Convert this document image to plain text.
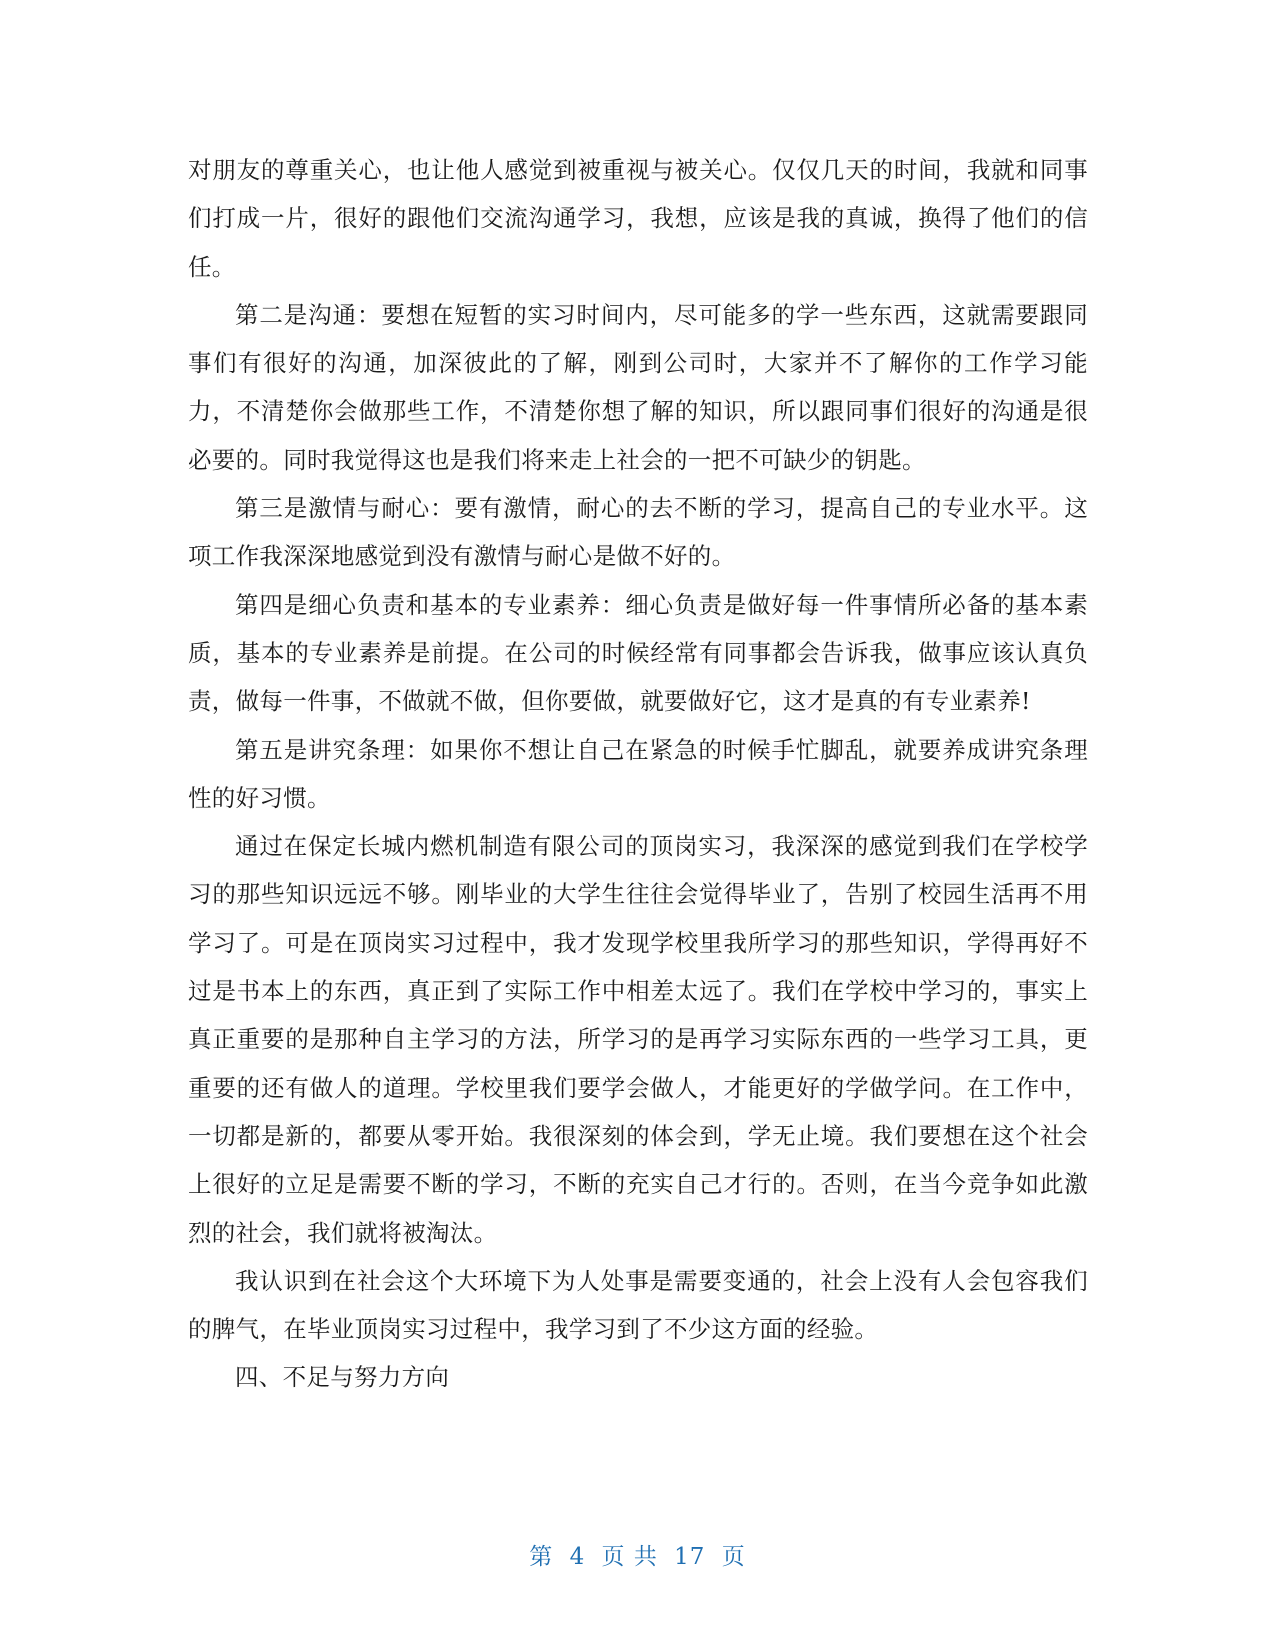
对朋友的尊重关心，也让他人感觉到被重视与被关心。仅仅几天的时间，我就和同事们打成一片，很好的跟他们交流沟通学习，我想，应该是我的真诚，换得了他们的信任。

第二是沟通：要想在短暂的实习时间内，尽可能多的学一些东西，这就需要跟同事们有很好的沟通，加深彼此的了解，刚到公司时，大家并不了解你的工作学习能力，不清楚你会做那些工作，不清楚你想了解的知识，所以跟同事们很好的沟通是很必要的。同时我觉得这也是我们将来走上社会的一把不可缺少的钥匙。

第三是激情与耐心：要有激情，耐心的去不断的学习，提高自己的专业水平。这项工作我深深地感觉到没有激情与耐心是做不好的。

第四是细心负责和基本的专业素养：细心负责是做好每一件事情所必备的基本素质，基本的专业素养是前提。在公司的时候经常有同事都会告诉我，做事应该认真负责，做每一件事，不做就不做，但你要做，就要做好它，这才是真的有专业素养!

第五是讲究条理：如果你不想让自己在紧急的时候手忙脚乱，就要养成讲究条理性的好习惯。

通过在保定长城内燃机制造有限公司的顶岗实习，我深深的感觉到我们在学校学习的那些知识远远不够。刚毕业的大学生往往会觉得毕业了，告别了校园生活再不用学习了。可是在顶岗实习过程中，我才发现学校里我所学习的那些知识，学得再好不过是书本上的东西，真正到了实际工作中相差太远了。我们在学校中学习的，事实上真正重要的是那种自主学习的方法，所学习的是再学习实际东西的一些学习工具，更重要的还有做人的道理。学校里我们要学会做人，才能更好的学做学问。在工作中，一切都是新的，都要从零开始。我很深刻的体会到，学无止境。我们要想在这个社会上很好的立足是需要不断的学习，不断的充实自己才行的。否则，在当今竞争如此激烈的社会，我们就将被淘汰。

我认识到在社会这个大环境下为人处事是需要变通的，社会上没有人会包容我们的脾气，在毕业顶岗实习过程中，我学习到了不少这方面的经验。

四、不足与努力方向

第 4 页 共 17 页
